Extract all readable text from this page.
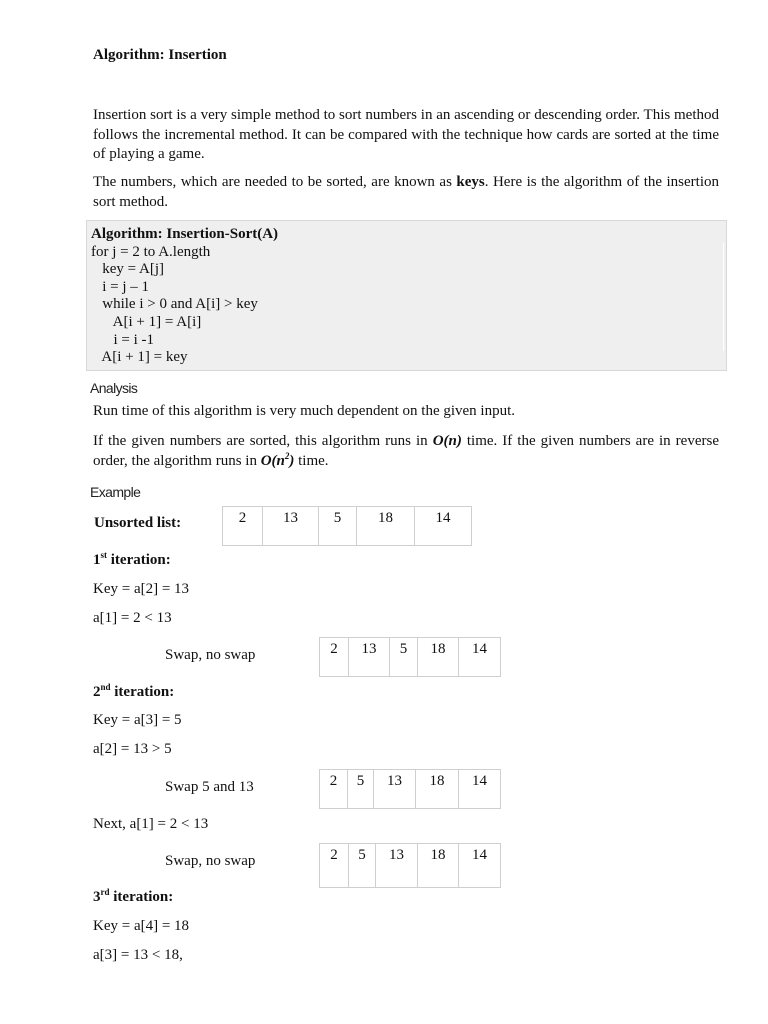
Algorithm: Insertion

Insertion sort is a very simple method to sort numbers in an ascending or descending order. This method follows the incremental method. It can be compared with the technique how cards are sorted at the time of playing a game.

The numbers, which are needed to be sorted, are known as keys. Here is the algorithm of the insertion sort method.

Algorithm: Insertion-Sort(A)
for j = 2 to A.length
key = A[j]
i = j – 1
while i > 0 and A[i] > key
A[i + 1] = A[i]
i = i -1
A[i + 1] = key
Analysis
Run time of this algorithm is very much dependent on the given input.

If the given numbers are sorted, this algorithm runs in O(n) time. If the given numbers are in reverse order, the algorithm runs in $O(n^2)$ time.

Example
Unsorted list:	2	13	5	18	14
1st iteration:
Key = a[2] = 13
a[1] = 2 < 13
Swap, no swap	2	13	5	18	14
2nd iteration:
Key = a[3] = 5
a[2] = 13 > 5
Swap 5 and 13	2	5	13	18	14
Next, a[1] = 2 < 13
Swap, no swap	2	5	13	18	14
3rd iteration:
Key = a[4] = 18
a[3] = 13 < 18,
